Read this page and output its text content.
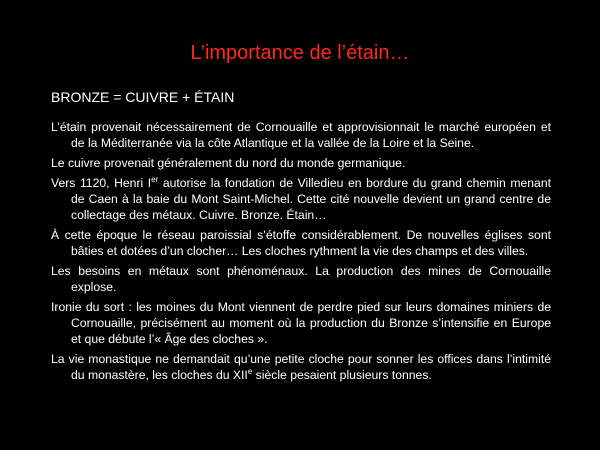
L’importance de l’étain…
BRONZE = CUIVRE + ÉTAIN

L’étain provenait nécessairement de Cornouaille et approvisionnait le marché européen et de la Méditerranée via la côte Atlantique et la vallée de la Loire et la Seine.

Le cuivre provenait généralement du nord du monde germanique.

Vers 1120, Henri Ier autorise la fondation de Villedieu en bordure du grand chemin menant de Caen à la baie du Mont Saint-Michel. Cette cité nouvelle devient un grand centre de collectage des métaux. Cuivre. Bronze. Étain…

À cette époque le réseau paroissial s’étoffe considérablement. De nouvelles églises sont bâties et dotées d’un clocher… Les cloches rythment la vie des champs et des villes.

Les besoins en métaux sont phénoménaux. La production des mines de Cornouaille explose.

Ironie du sort : les moines du Mont viennent de perdre pied sur leurs domaines miniers de Cornouaille, précisément au moment où la production du Bronze s’intensifie en Europe et que débute l’« Âge des cloches ».

La vie monastique ne demandait qu’une petite cloche pour sonner les offices dans l’intimité du monastère, les cloches du XIIe siècle pesaient plusieurs tonnes.
